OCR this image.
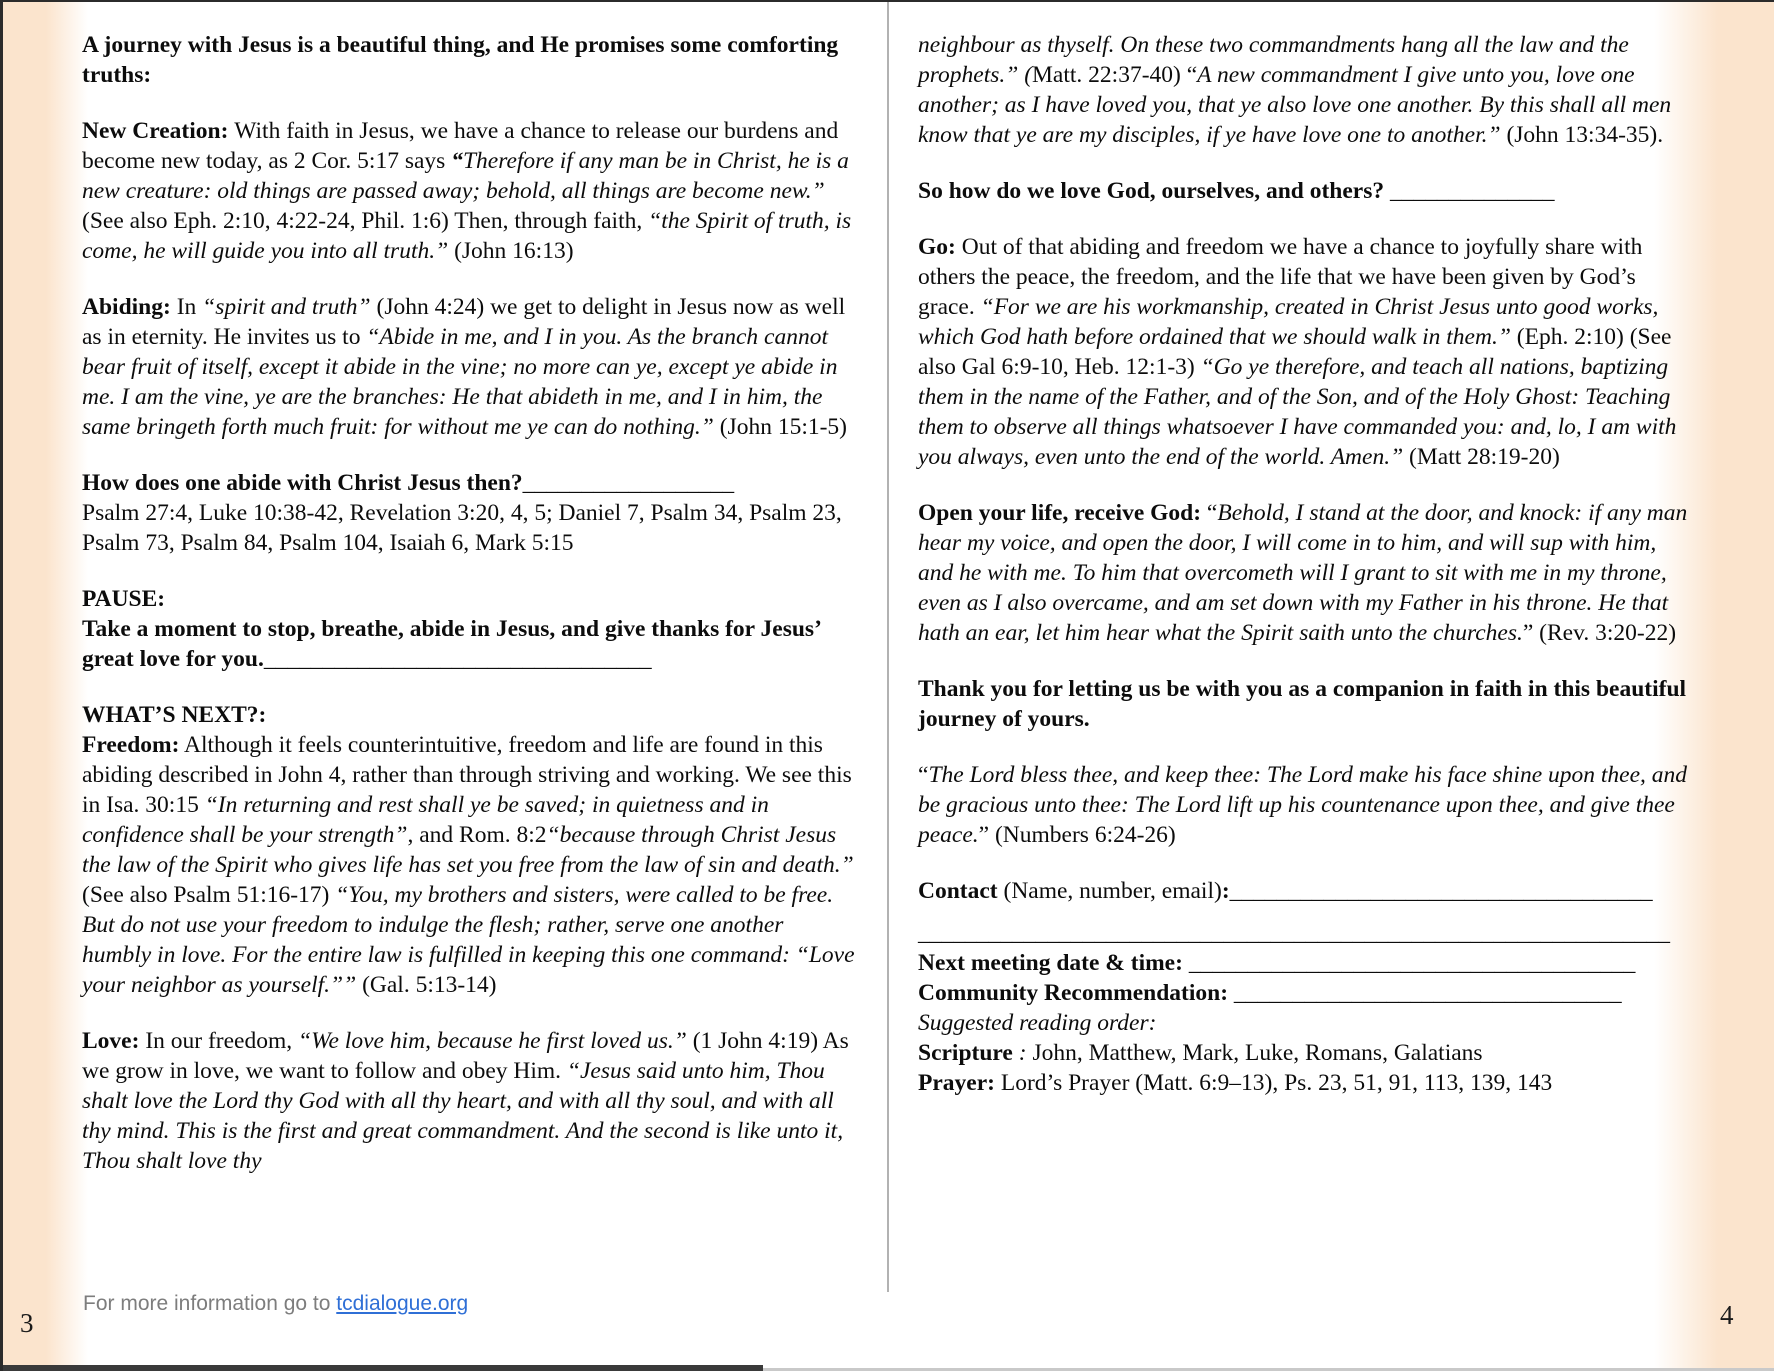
A journey with Jesus is a beautiful thing, and He promises some comforting truths:

New Creation: With faith in Jesus, we have a chance to release our burdens and become new today, as 2 Cor. 5:17 says “Therefore if any man be in Christ, he is a new creature: old things are passed away; behold, all things are become new.” (See also Eph. 2:10, 4:22-24, Phil. 1:6) Then, through faith, “the Spirit of truth, is come, he will guide you into all truth.” (John 16:13)

Abiding: In “spirit and truth” (John 4:24) we get to delight in Jesus now as well as in eternity. He invites us to “Abide in me, and I in you. As the branch cannot bear fruit of itself, except it abide in the vine; no more can ye, except ye abide in me. I am the vine, ye are the branches: He that abideth in me, and I in him, the same bringeth forth much fruit: for without me ye can do nothing.” (John 15:1-5)

How does one abide with Christ Jesus then?__________________
Psalm 27:4, Luke 10:38-42, Revelation 3:20, 4, 5; Daniel 7, Psalm 34, Psalm 23, Psalm 73, Psalm 84, Psalm 104, Isaiah 6, Mark 5:15

PAUSE:
Take a moment to stop, breathe, abide in Jesus, and give thanks for Jesus’ great love for you._________________________________

WHAT’S NEXT?:
Freedom: Although it feels counterintuitive, freedom and life are found in this abiding described in John 4, rather than through striving and working. We see this in Isa. 30:15 “In returning and rest shall ye be saved; in quietness and in confidence shall be your strength”, and Rom. 8:2“because through Christ Jesus the law of the Spirit who gives life has set you free from the law of sin and death.” (See also Psalm 51:16-17) “You, my brothers and sisters, were called to be free. But do not use your freedom to indulge the flesh; rather, serve one another humbly in love. For the entire law is fulfilled in keeping this one command: “Love your neighbor as yourself.”” (Gal. 5:13-14)

Love: In our freedom, “We love him, because he first loved us.” (1 John 4:19) As we grow in love, we want to follow and obey Him. “Jesus said unto him, Thou shalt love the Lord thy God with all thy heart, and with all thy soul, and with all thy mind. This is the first and great commandment. And the second is like unto it, Thou shalt love thy

neighbour as thyself. On these two commandments hang all the law and the prophets.” (Matt. 22:37-40) “A new commandment I give unto you, love one another; as I have loved you, that ye also love one another. By this shall all men know that ye are my disciples, if ye have love one to another.” (John 13:34-35).

So how do we love God, ourselves, and others? ______________

Go: Out of that abiding and freedom we have a chance to joyfully share with others the peace, the freedom, and the life that we have been given by God’s grace. “For we are his workmanship, created in Christ Jesus unto good works, which God hath before ordained that we should walk in them.” (Eph. 2:10) (See also Gal 6:9-10, Heb. 12:1-3) “Go ye therefore, and teach all nations, baptizing them in the name of the Father, and of the Son, and of the Holy Ghost: Teaching them to observe all things whatsoever I have commanded you: and, lo, I am with you always, even unto the end of the world. Amen.” (Matt 28:19-20)

Open your life, receive God: “Behold, I stand at the door, and knock: if any man hear my voice, and open the door, I will come in to him, and will sup with him, and he with me. To him that overcometh will I grant to sit with me in my throne, even as I also overcame, and am set down with my Father in his throne. He that hath an ear, let him hear what the Spirit saith unto the churches.” (Rev. 3:20-22)

Thank you for letting us be with you as a companion in faith in this beautiful journey of yours.

“The Lord bless thee, and keep thee: The Lord make his face shine upon thee, and be gracious unto thee: The Lord lift up his countenance upon thee, and give thee peace.” (Numbers 6:24-26)

Contact (Name, number, email):____________________________________

________________________________________________________________
Next meeting date & time: ______________________________________
Community Recommendation: _________________________________
Suggested reading order:
Scripture : John, Matthew, Mark, Luke, Romans, Galatians
Prayer: Lord’s Prayer (Matt. 6:9–13), Ps. 23, 51, 91, 113, 139, 143

For more information go to tcdialogue.org
3	4
